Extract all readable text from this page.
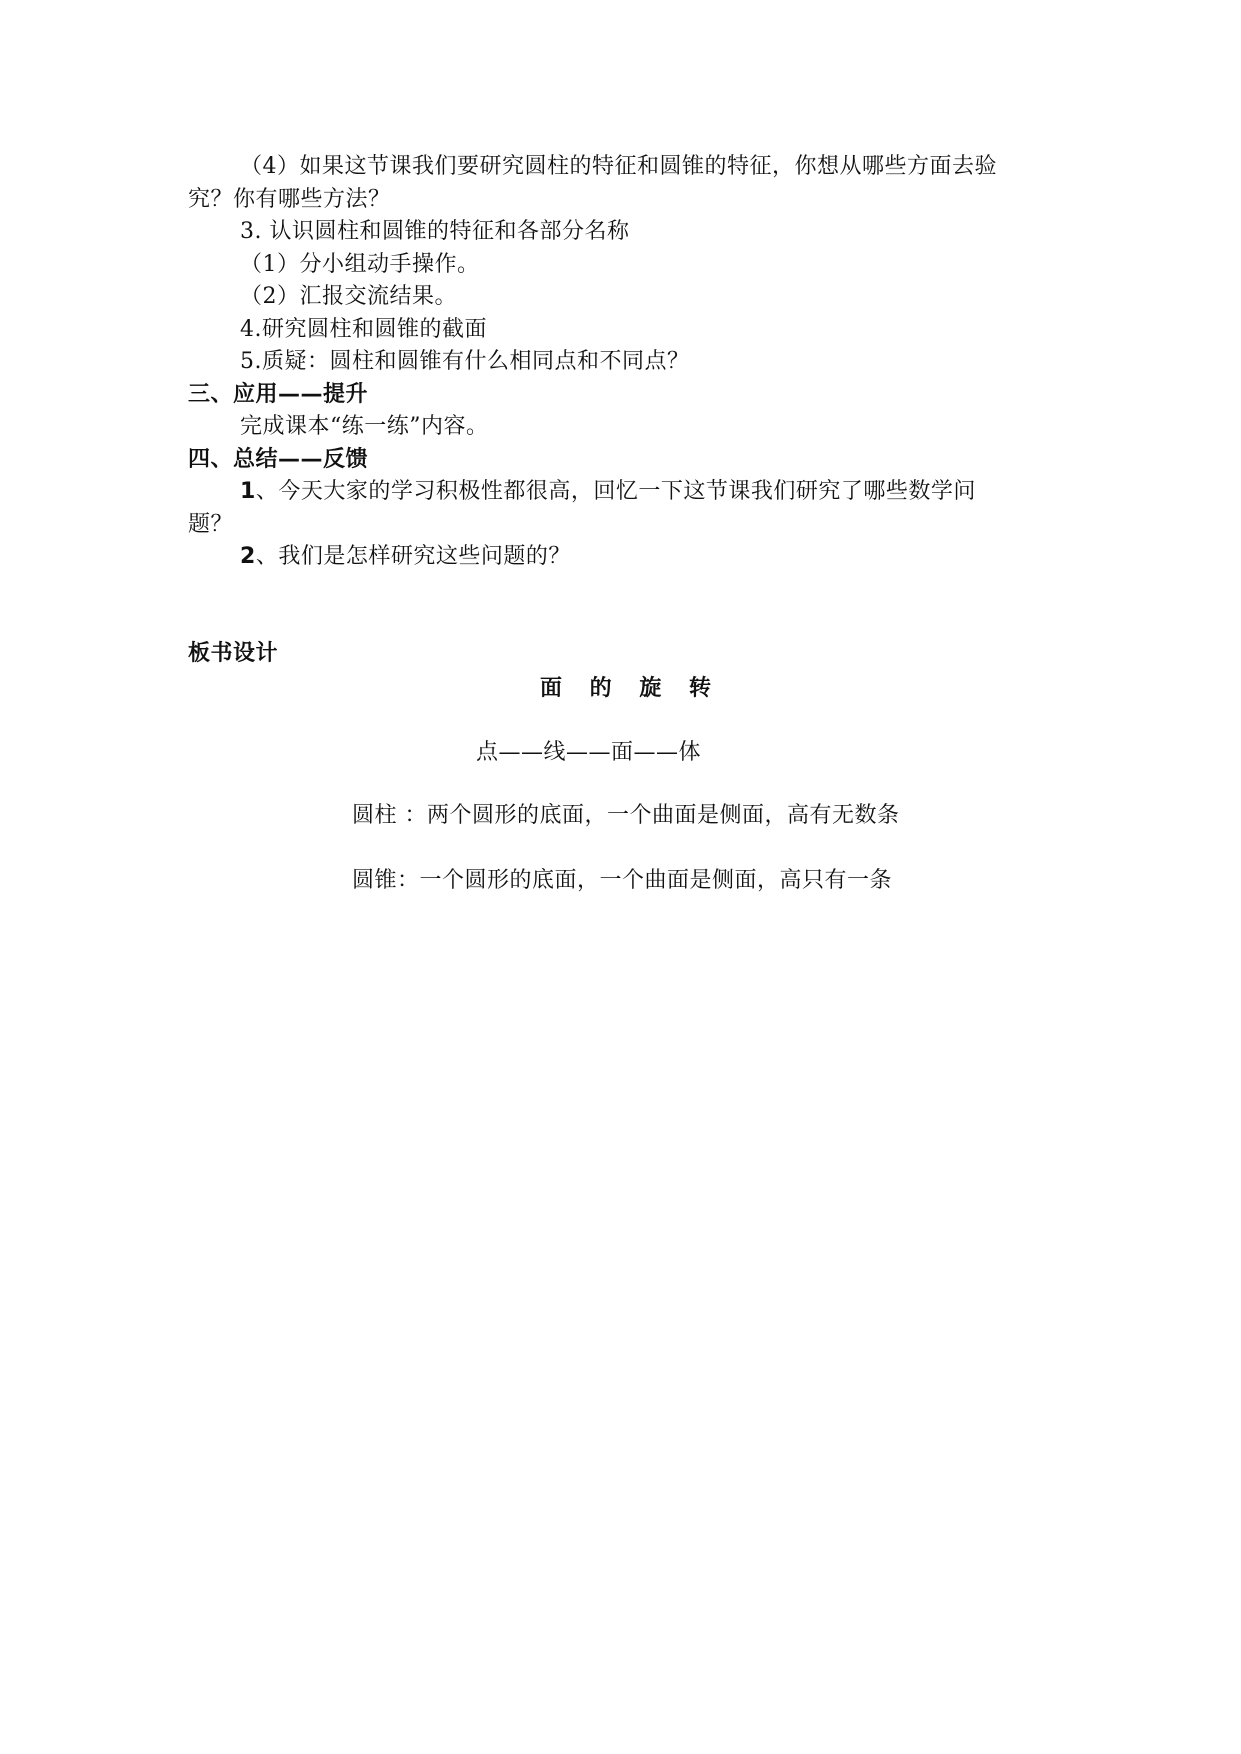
（4）如果这节课我们要研究圆柱的特征和圆锥的特征，你想从哪些方面去验
究？你有哪些方法？
3. 认识圆柱和圆锥的特征和各部分名称
（1）分小组动手操作。
（2）汇报交流结果。
4.研究圆柱和圆锥的截面
5.质疑：圆柱和圆锥有什么相同点和不同点？
三、应用——提升
完成课本“练一练”内容。
四、总结——反馈
1、今天大家的学习积极性都很高，回忆一下这节课我们研究了哪些数学问
题？
2、我们是怎样研究这些问题的？
板书设计
面 的 旋 转
点——线——面——体
圆柱 ：两个圆形的底面，一个曲面是侧面，高有无数条
圆锥：一个圆形的底面，一个曲面是侧面，高只有一条
